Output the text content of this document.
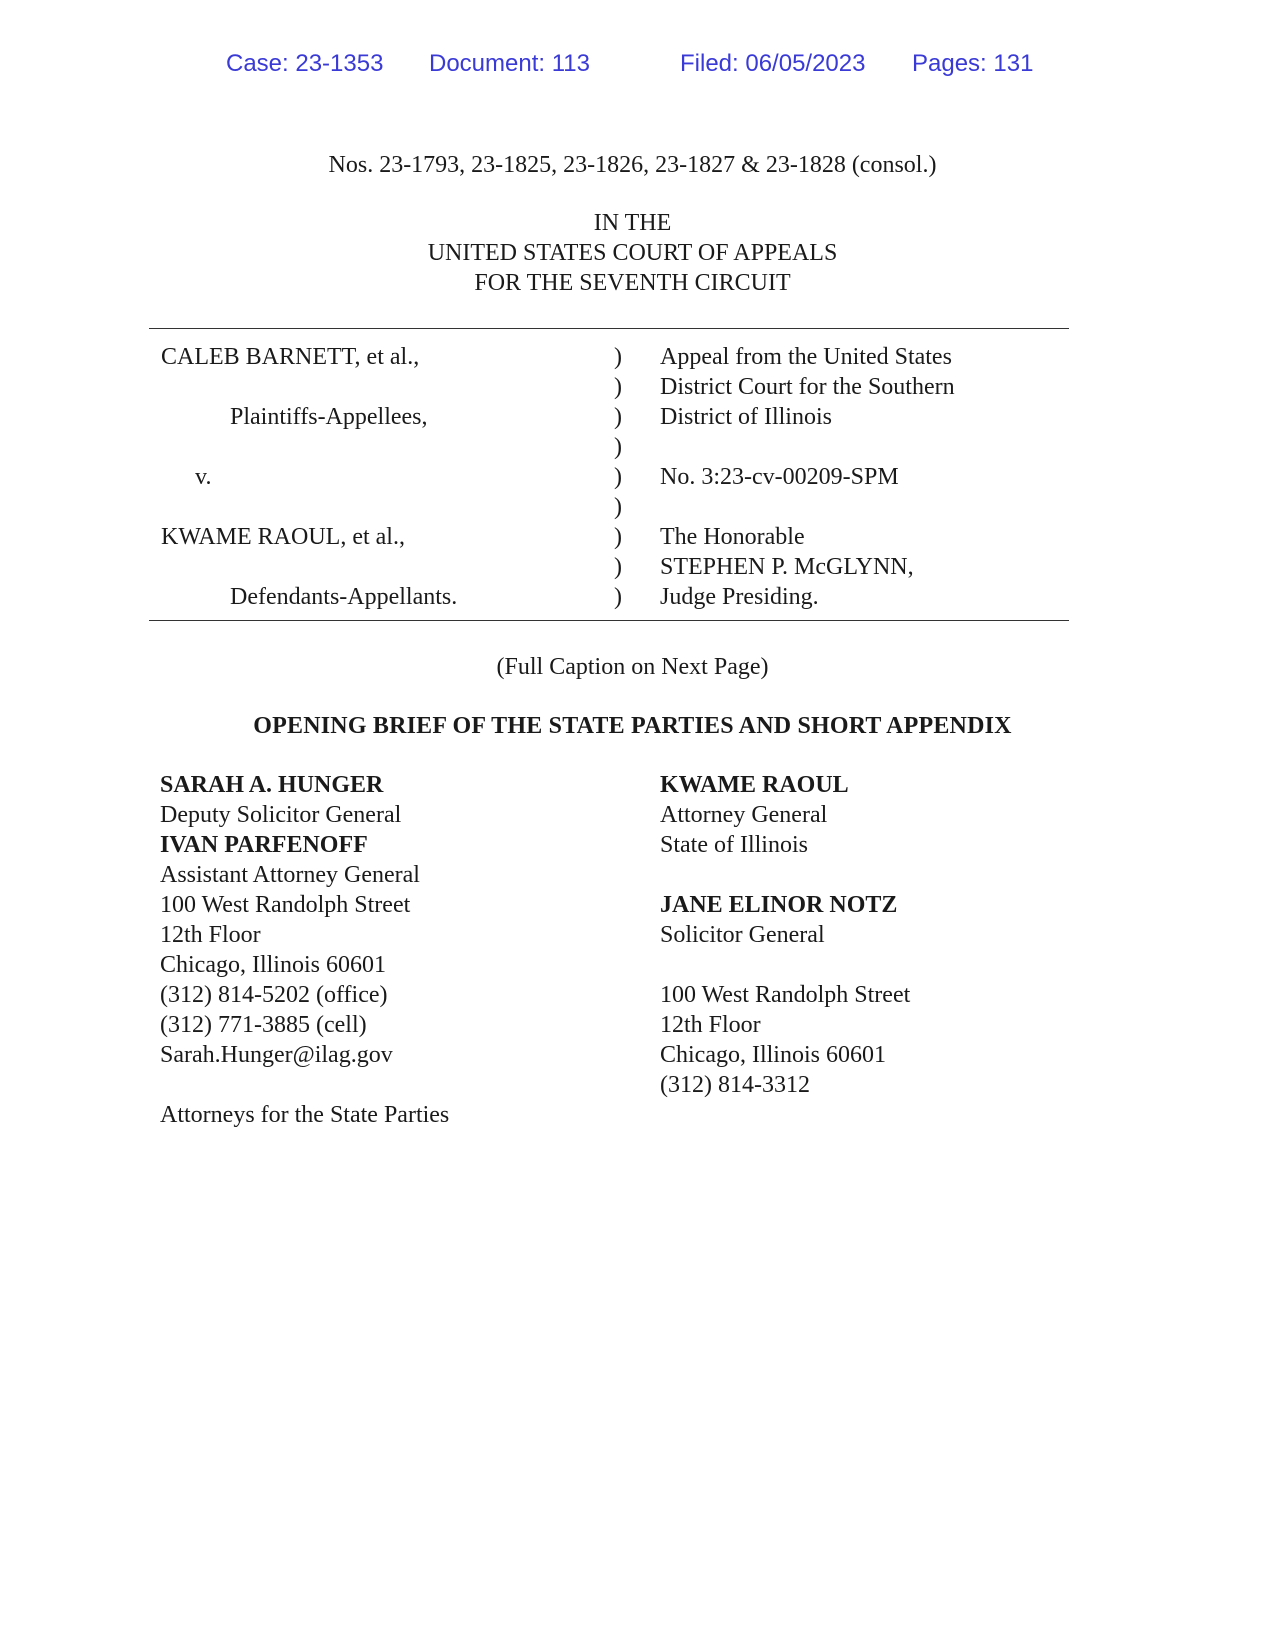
Case: 23-1353 Document: 113	Filed: 06/05/2023 Pages: 131
Nos. 23-1793, 23-1825, 23-1826, 23-1827 & 23-1828 (consol.)
IN THE
UNITED STATES COURT OF APPEALS
FOR THE SEVENTH CIRCUIT
CALEB BARNETT, et al.,
Plaintiffs-Appellees,
v.
KWAME RAOUL, et al.,
Defendants-Appellants.
)
)
)
)
)
)
)
)
)
Appeal from the United States
District Court for the Southern
District of Illinois
No. 3:23-cv-00209-SPM
The Honorable
STEPHEN P. McGLYNN,
Judge Presiding.
(Full Caption on Next Page)
OPENING BRIEF OF THE STATE PARTIES AND SHORT APPENDIX
SARAH A. HUNGER
Deputy Solicitor General
IVAN PARFENOFF
Assistant Attorney General
100 West Randolph Street
12th Floor
Chicago, Illinois 60601
(312) 814-5202 (office)
(312) 771-3885 (cell)
Sarah.Hunger@ilag.gov
Attorneys for the State Parties
KWAME RAOUL
Attorney General
State of Illinois
JANE ELINOR NOTZ
Solicitor General
100 West Randolph Street
12th Floor
Chicago, Illinois 60601
(312) 814-3312
